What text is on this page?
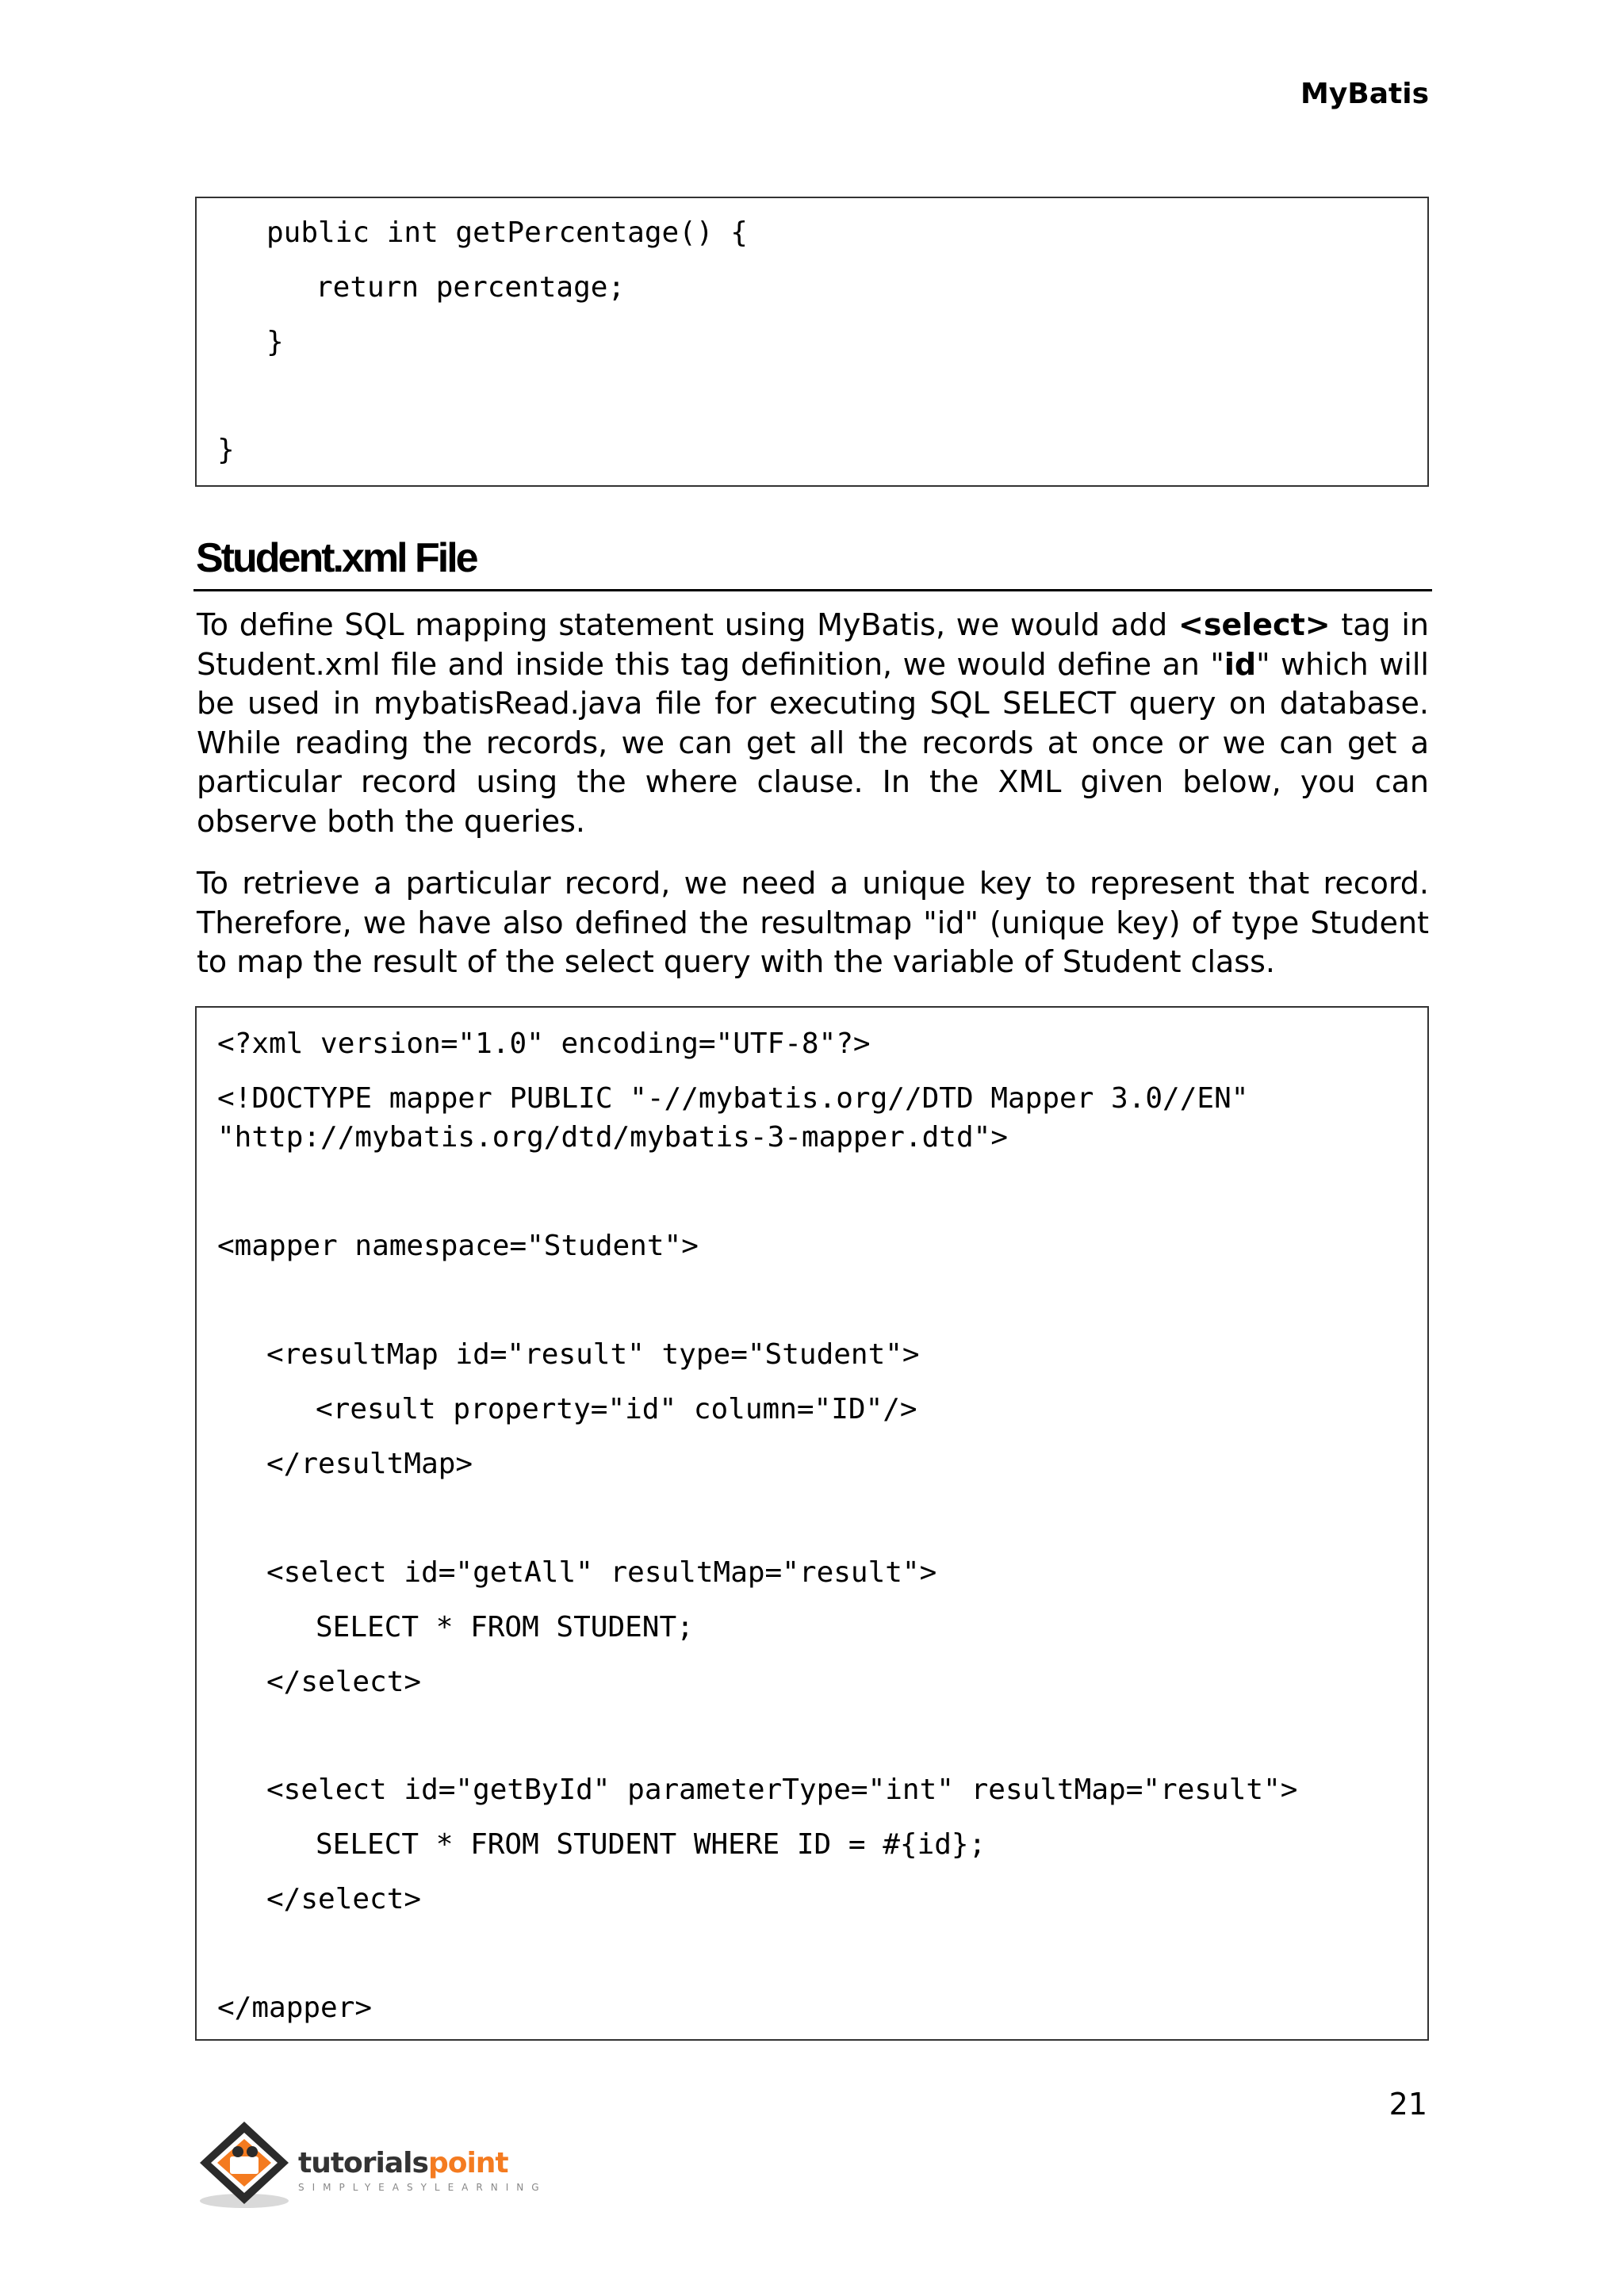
MyBatis
public int getPercentage() {
return percentage;
}
}
Student.xml File

To define SQL mapping statement using MyBatis, we would add <select> tag in Student.xml file and inside this tag definition, we would define an "id" which will be used in mybatisRead.java file for executing SQL SELECT query on database. While reading the records, we can get all the records at once or we can get a particular record using the where clause. In the XML given below, you can observe both the queries.

To retrieve a particular record, we need a unique key to represent that record. Therefore, we have also defined the resultmap "id" (unique key) of type Student to map the result of the select query with the variable of Student class.

<?xml version="1.0" encoding="UTF-8"?>
<!DOCTYPE mapper PUBLIC "-//mybatis.org//DTD Mapper 3.0//EN"
"http://mybatis.org/dtd/mybatis-3-mapper.dtd">
<mapper namespace="Student">
<resultMap id="result" type="Student">
<result property="id" column="ID"/>
</resultMap>
<select id="getAll" resultMap="result">
SELECT * FROM STUDENT;
</select>
<select id="getById" parameterType="int" resultMap="result">
SELECT * FROM STUDENT WHERE ID = #{id};
</select>
</mapper>
21
tutorialspoint
SIMPLYEASYLEARNING
